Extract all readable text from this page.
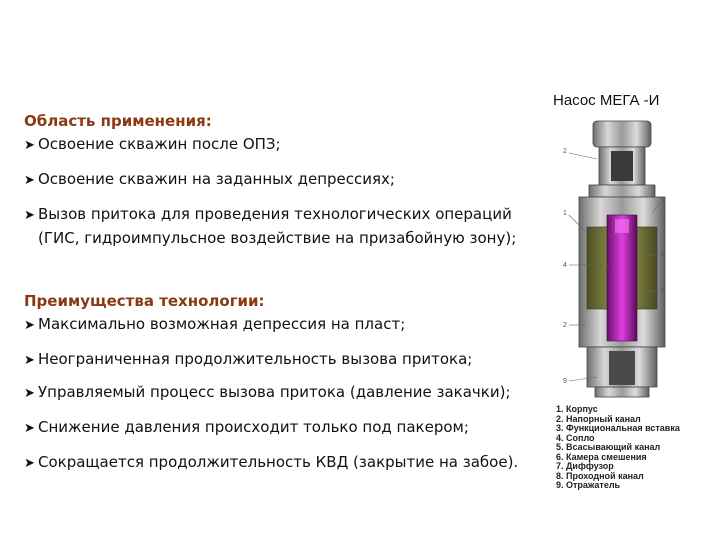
Область применения:
➤ Освоение скважин после ОПЗ;
➤ Освоение скважин на заданных депрессиях;
➤ Вызов притока для проведения технологических операций
(ГИС, гидроимпульсное воздействие на призабойную зону);
Преимущества технологии:
➤ Максимально возможная депрессия на пласт;
➤ Неограниченная продолжительность вызова притока;
➤ Управляемый процесс вызова притока (давление закачки);
➤ Снижение давления происходит только под пакером;
➤ Сокращается продолжительность КВД (закрытие на забое).
Насос МЕГА -И
2
1
7
8
4
6
2
9
1. Корпус
2. Напорный канал
3. Функциональная вставка
4. Сопло
5. Всасывающий канал
6. Камера смешения
7. Диффузор
8. Проходной канал
9. Отражатель
